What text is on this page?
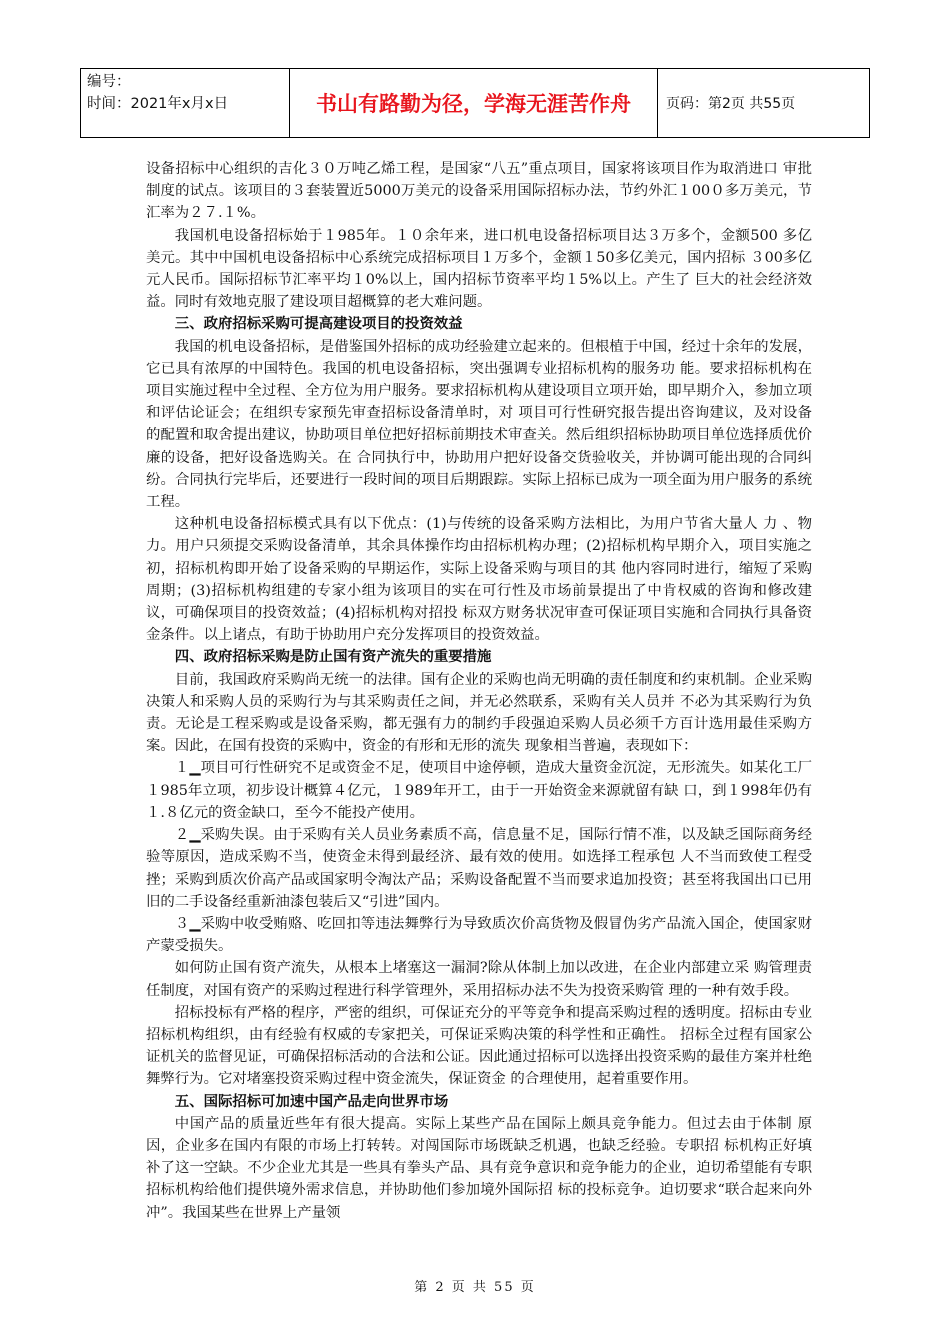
编号：
时间：2021年x月x日	书山有路勤为径，学海无涯苦作舟	页码：第2页 共55页

设备招标中心组织的吉化３０万吨乙烯工程，是国家“八五”重点项目，国家将该项目作为取消进口 审批制度的试点。该项目的３套装置近5000万美元的设备采用国际招标办法，节约外汇１00０多万美元，节汇率为２７.１%。

我国机电设备招标始于１985年。１０余年来，进口机电设备招标项目达３万多个，金额500 多亿 美元。其中中国机电设备招标中心系统完成招标项目１万多个，金额１50多亿美元，国内招标 ３00多亿元人民币。国际招标节汇率平均１0%以上，国内招标节资率平均１5%以上。产生了 巨大的社会经济效益。同时有效地克服了建设项目超概算的老大难问题。

三、政府招标采购可提高建设项目的投资效益

我国的机电设备招标，是借鉴国外招标的成功经验建立起来的。但根植于中国，经过十余年的发展，它已具有浓厚的中国特色。我国的机电设备招标，突出强调专业招标机构的服务功 能。要求招标机构在项目实施过程中全过程、全方位为用户服务。要求招标机构从建设项目立项开始，即早期介入，参加立项和评估论证会；在组织专家预先审查招标设备清单时，对 项目可行性研究报告提出咨询建议，及对设备的配置和取舍提出建议，协助项目单位把好招标前期技术审查关。然后组织招标协助项目单位选择质优价廉的设备，把好设备选购关。在 合同执行中，协助用户把好设备交货验收关，并协调可能出现的合同纠纷。合同执行完毕后，还要进行一段时间的项目后期跟踪。实际上招标已成为一项全面为用户服务的系统工程。

这种机电设备招标模式具有以下优点：(1)与传统的设备采购方法相比，为用户节省大量人 力 、物力。用户只须提交采购设备清单，其余具体操作均由招标机构办理；(2)招标机构早期介入，项目实施之初，招标机构即开始了设备采购的早期运作，实际上设备采购与项目的其 他内容同时进行，缩短了采购周期；(3)招标机构组建的专家小组为该项目的实在可行性及市场前景提出了中肯权威的咨询和修改建议，可确保项目的投资效益；(4)招标机构对招投 标双方财务状况审查可保证项目实施和合同执行具备资金条件。以上诸点，有助于协助用户充分发挥项目的投资效益。

四、政府招标采购是防止国有资产流失的重要措施

目前，我国政府采购尚无统一的法律。国有企业的采购也尚无明确的责任制度和约束机制。企业采购决策人和采购人员的采购行为与其采购责任之间，并无必然联系，采购有关人员并 不必为其采购行为负责。无论是工程采购或是设备采购，都无强有力的制约手段强迫采购人员必须千方百计选用最佳采购方案。因此，在国有投资的采购中，资金的有形和无形的流失 现象相当普遍，表现如下：

１▁项目可行性研究不足或资金不足，使项目中途停顿，造成大量资金沉淀，无形流失。如某化工厂１985年立项，初步设计概算４亿元，１989年开工，由于一开始资金来源就留有缺 口，到１998年仍有１.８亿元的资金缺口，至今不能投产使用。

２▁采购失误。由于采购有关人员业务素质不高，信息量不足，国际行情不准，以及缺乏国际商务经验等原因，造成采购不当，使资金未得到最经济、最有效的使用。如选择工程承包 人不当而致使工程受挫；采购到质次价高产品或国家明令淘汰产品；采购设备配置不当而要求追加投资；甚至将我国出口已用旧的二手设备经重新油漆包装后又“引进”国内。

３▁采购中收受贿赂、吃回扣等违法舞弊行为导致质次价高货物及假冒伪劣产品流入国企，使国家财产蒙受损失。

如何防止国有资产流失，从根本上堵塞这一漏洞?除从体制上加以改进，在企业内部建立采 购管理责任制度，对国有资产的采购过程进行科学管理外，采用招标办法不失为投资采购管 理的一种有效手段。

招标投标有严格的程序，严密的组织，可保证充分的平等竞争和提高采购过程的透明度。招标由专业招标机构组织，由有经验有权威的专家把关，可保证采购决策的科学性和正确性。 招标全过程有国家公证机关的监督见证，可确保招标活动的合法和公证。因此通过招标可以选择出投资采购的最佳方案并杜绝舞弊行为。它对堵塞投资采购过程中资金流失，保证资金 的合理使用，起着重要作用。

五、国际招标可加速中国产品走向世界市场

中国产品的质量近些年有很大提高。实际上某些产品在国际上颇具竞争能力。但过去由于体制 原因，企业多在国内有限的市场上打转转。对闯国际市场既缺乏机遇，也缺乏经验。专职招 标机构正好填补了这一空缺。不少企业尤其是一些具有拳头产品、具有竞争意识和竞争能力的企业，迫切希望能有专职招标机构给他们提供境外需求信息，并协助他们参加境外国际招 标的投标竞争。迫切要求“联合起来向外冲”。我国某些在世界上产量领

第 2 页 共 55 页
